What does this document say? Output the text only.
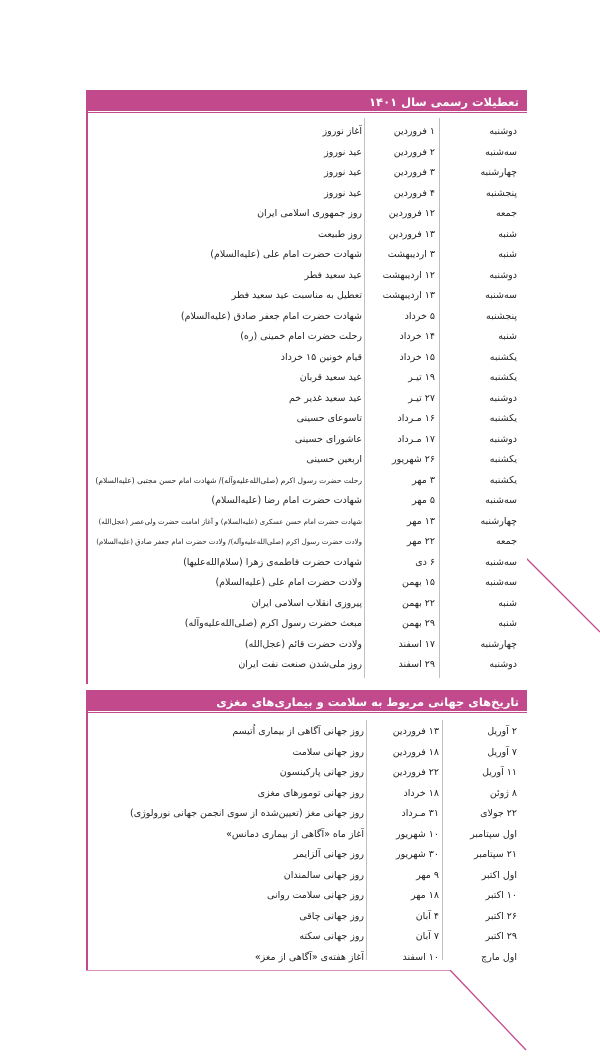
تعطیلات رسمی سال ۱۴۰۱
دوشنبه
۱ فروردین
آغاز نوروز
سه‌شنبه
۲ فروردین
عید نوروز
چهارشنبه
۳ فروردین
عید نوروز
پنجشنبه
۴ فروردین
عید نوروز
جمعه
۱۲ فروردین
روز جمهوری اسلامی ایران
شنبه
۱۳ فروردین
روز طبیعت
شنبه
۳ اردیبهشت
شهادت حضرت امام علی (علیه‌السلام)
دوشنبه
۱۲ اردیبهشت
عید سعید فطر
سه‌شنبه
۱۳ اردیبهشت
تعطیل به مناسبت عید سعید فطر
پنجشنبه
۵ خرداد
شهادت حضرت امام جعفر صادق (علیه‌السلام)
شنبه
۱۴ خرداد
رحلت حضرت امام خمینی (ره)
یکشنبه
۱۵ خرداد
قیام خونین ۱۵ خرداد
یکشنبه
۱۹ تیـر
عید سعید قربان
دوشنبه
۲۷ تیـر
عید سعید غدیر خم
یکشنبه
۱۶ مـرداد
تاسوعای حسینی
دوشنبه
۱۷ مـرداد
عاشورای حسینی
یکشنبه
۲۶ شهریور
اربعین حسینی
یکشنبه
۳ مهر
رحلت حضرت رسول اکرم (صلی‌الله‌علیه‌وآله)/ شهادت امام حسن مجتبی (علیه‌السلام)
سه‌شنبه
۵ مهر
شهادت حضرت امام رضا (علیه‌السلام)
چهارشنبه
۱۳ مهر
شهادت حضرت امام حسن عسکری (علیه‌السلام) و آغاز امامت حضرت ولی‌عصر (عجل‌الله)
جمعه
۲۲ مهر
ولادت حضرت رسول اکرم (صلی‌الله‌علیه‌وآله)/ ولادت حضرت امام جعفر صادق (علیه‌السلام)
سه‌شنبه
۶ دی
شهادت حضرت فاطمه‌ی زهرا (سلام‌الله‌علیها)
سه‌شنبه
۱۵ بهمن
ولادت حضرت امام علی (علیه‌السلام)
شنبه
۲۲ بهمن
پیروزی انقلاب اسلامی ایران
شنبه
۲۹ بهمن
مبعث حضرت رسول اکرم (صلی‌الله‌علیه‌وآله)
چهارشنبه
۱۷ اسفند
ولادت حضرت قائم (عجل‌الله)
دوشنبه
۲۹ اسفند
روز ملی‌شدن صنعت نفت ایران
تاریخ‌های جهانی مربوط به سلامت و بیماری‌های مغزی
۲ آوریل
۱۳ فروردین
روز جهانی آگاهی از بیماری اُتیسم
۷ آوریل
۱۸ فروردین
روز جهانی سلامت
۱۱ آوریل
۲۲ فروردین
روز جهانی پارکینسون
۸ ژوئن
۱۸ خرداد
روز جهانی تومورهای مغزی
۲۲ جولای
۳۱ مـرداد
روز جهانی مغز (تعیین‌شده از سوی انجمن جهانی نورولوژی)
اول سپتامبر
۱۰ شهریور
آغاز ماه «آگاهی از بیماری دمانس»
۲۱ سپتامبر
۳۰ شهریور
روز جهانی آلزایمر
اول اکتبر
۹ مهر
روز جهانی سالمندان
۱۰ اکتبر
۱۸ مهر
روز جهانی سلامت روانی
۲۶ اکتبر
۴ آبان
روز جهانی چاقی
۲۹ اکتبر
۷ آبان
روز جهانی سکته
اول مارچ
۱۰ اسفند
آغاز هفته‌ی «آگاهی از مغز»
